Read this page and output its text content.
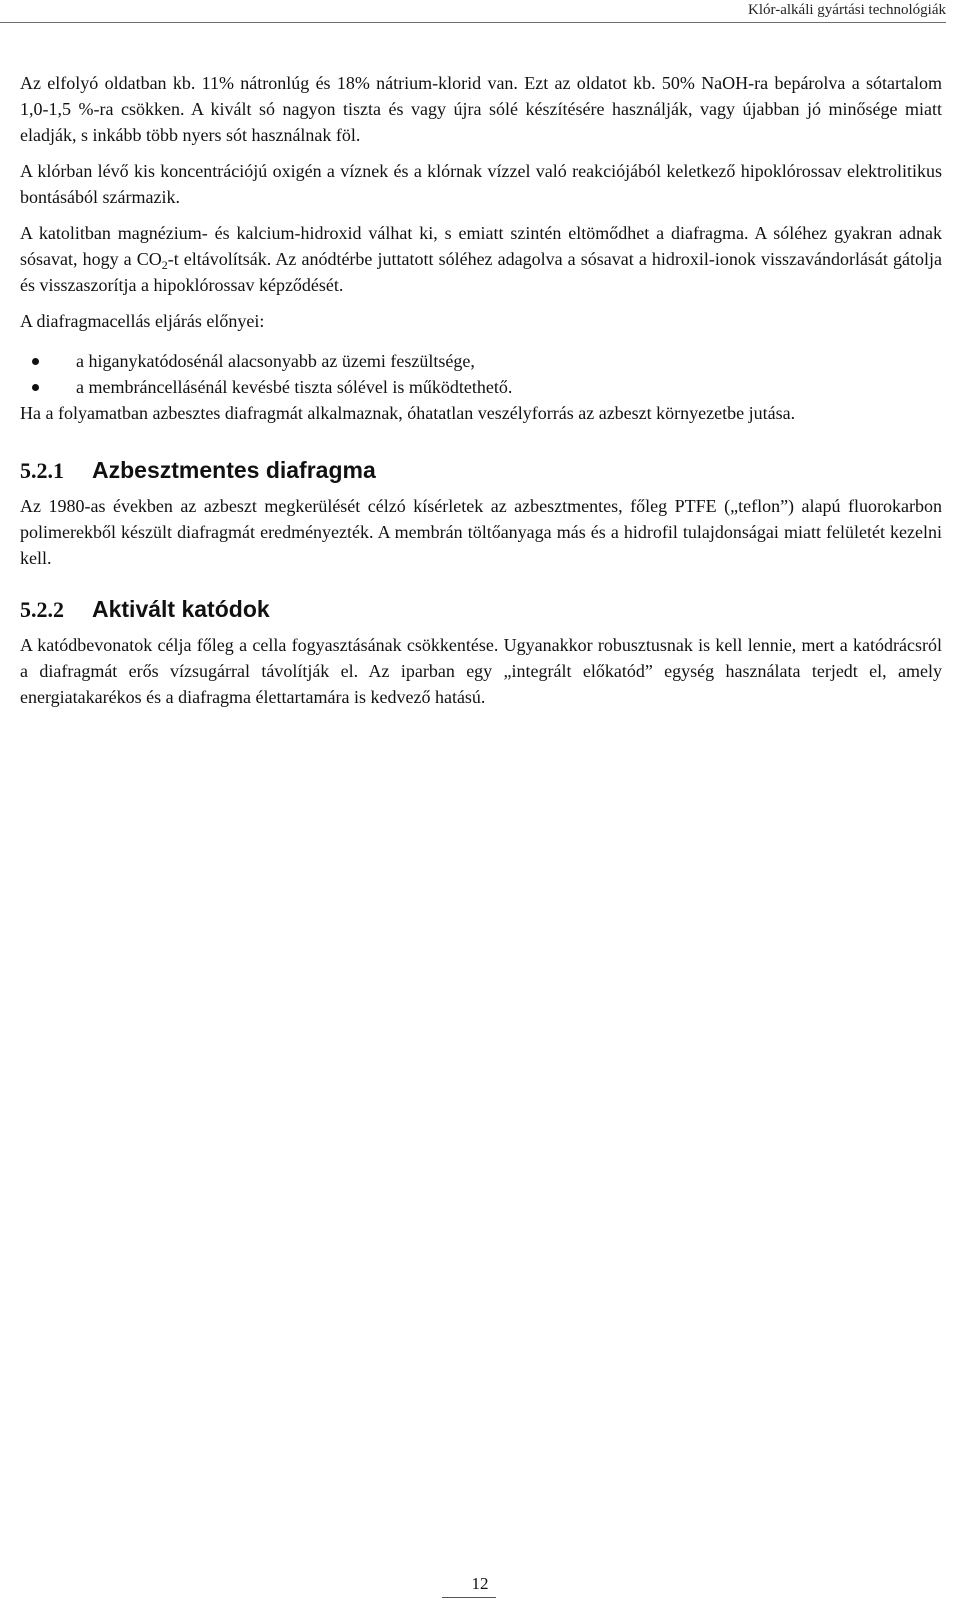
Klór-alkáli gyártási technológiák

Az elfolyó oldatban kb. 11% nátronlúg és 18% nátrium-klorid van. Ezt az oldatot kb. 50% NaOH-ra bepárolva a sótartalom 1,0-1,5 %-ra csökken. A kivált só nagyon tiszta és vagy újra sólé készítésére használják, vagy újabban jó minősége miatt eladják, s inkább több nyers sót használnak föl.

A klórban lévő kis koncentrációjú oxigén a víznek és a klórnak vízzel való reakciójából keletkező hipoklórossav elektrolitikus bontásából származik.

A katolitban magnézium- és kalcium-hidroxid válhat ki, s emiatt szintén eltömődhet a diafragma. A sóléhez gyakran adnak sósavat, hogy a $CO_2-t$ eltávolítsák. Az anódtérbe juttatott sóléhez adagolva a sósavat a hidroxil-ionok visszavándorlását gátolja és visszaszorítja a hipoklórossav képződését.

A diafragmacellás eljárás előnyei:

a higanykatódosénál alacsonyabb az üzemi feszültsége,
a membráncellásénál kevésbé tiszta sólével is működtethető.

Ha a folyamatban azbesztes diafragmát alkalmaznak, óhatatlan veszélyforrás az azbeszt környezetbe jutása.

5.2.1 Azbesztmentes diafragma

Az 1980-as években az azbeszt megkerülését célzó kísérletek az azbesztmentes, főleg PTFE („teflon”) alapú fluorokarbon polimerekből készült diafragmát eredményezték. A membrán töltőanyaga más és a hidrofil tulajdonságai miatt felületét kezelni kell.

5.2.2 Aktivált katódok

A katódbevonatok célja főleg a cella fogyasztásának csökkentése. Ugyanakkor robusztusnak is kell lennie, mert a katódrácsról a diafragmát erős vízsugárral távolítják el. Az iparban egy „integrált előkatód” egység használata terjedt el, amely energiatakarékos és a diafragma élettartamára is kedvező hatású.

12
